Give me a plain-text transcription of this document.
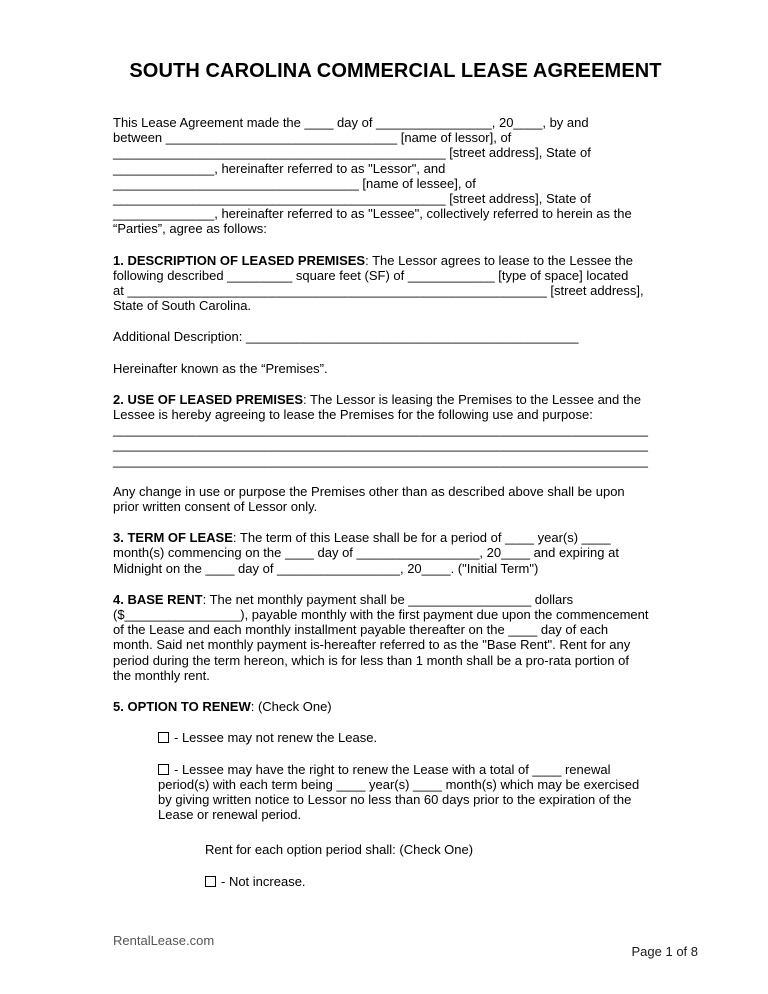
SOUTH CAROLINA COMMERCIAL LEASE AGREEMENT
This Lease Agreement made the ____ day of ________________, 20____, by and
between ________________________________ [name of lessor], of
______________________________________________ [street address], State of
______________, hereinafter referred to as "Lessor", and
__________________________________ [name of lessee], of
______________________________________________ [street address], State of
______________, hereinafter referred to as "Lessee", collectively referred to herein as the
“Parties”, agree as follows:
1. DESCRIPTION OF LEASED PREMISES: The Lessor agrees to lease to the Lessee the
following described _________ square feet (SF) of ____________ [type of space] located
at __________________________________________________________ [street address],
State of South Carolina.
Additional Description: ______________________________________________
Hereinafter known as the “Premises”.
2. USE OF LEASED PREMISES: The Lessor is leasing the Premises to the Lessee and the
Lessee is hereby agreeing to lease the Premises for the following use and purpose:
__________________________________________________________________________
__________________________________________________________________________
__________________________________________________________________________
Any change in use or purpose the Premises other than as described above shall be upon
prior written consent of Lessor only.
3. TERM OF LEASE: The term of this Lease shall be for a period of ____ year(s) ____
month(s) commencing on the ____ day of _________________, 20____ and expiring at
Midnight on the ____ day of _________________, 20____. ("Initial Term")
4. BASE RENT: The net monthly payment shall be _________________ dollars
($________________), payable monthly with the first payment due upon the commencement
of the Lease and each monthly installment payable thereafter on the ____ day of each
month. Said net monthly payment is-hereafter referred to as the "Base Rent". Rent for any
period during the term hereon, which is for less than 1 month shall be a pro-rata portion of
the monthly rent.
5. OPTION TO RENEW: (Check One)
- Lessee may not renew the Lease.
- Lessee may have the right to renew the Lease with a total of ____ renewal
period(s) with each term being ____ year(s) ____ month(s) which may be exercised
by giving written notice to Lessor no less than 60 days prior to the expiration of the
Lease or renewal period.
Rent for each option period shall: (Check One)
- Not increase.
RentalLease.com
Page 1 of 8
